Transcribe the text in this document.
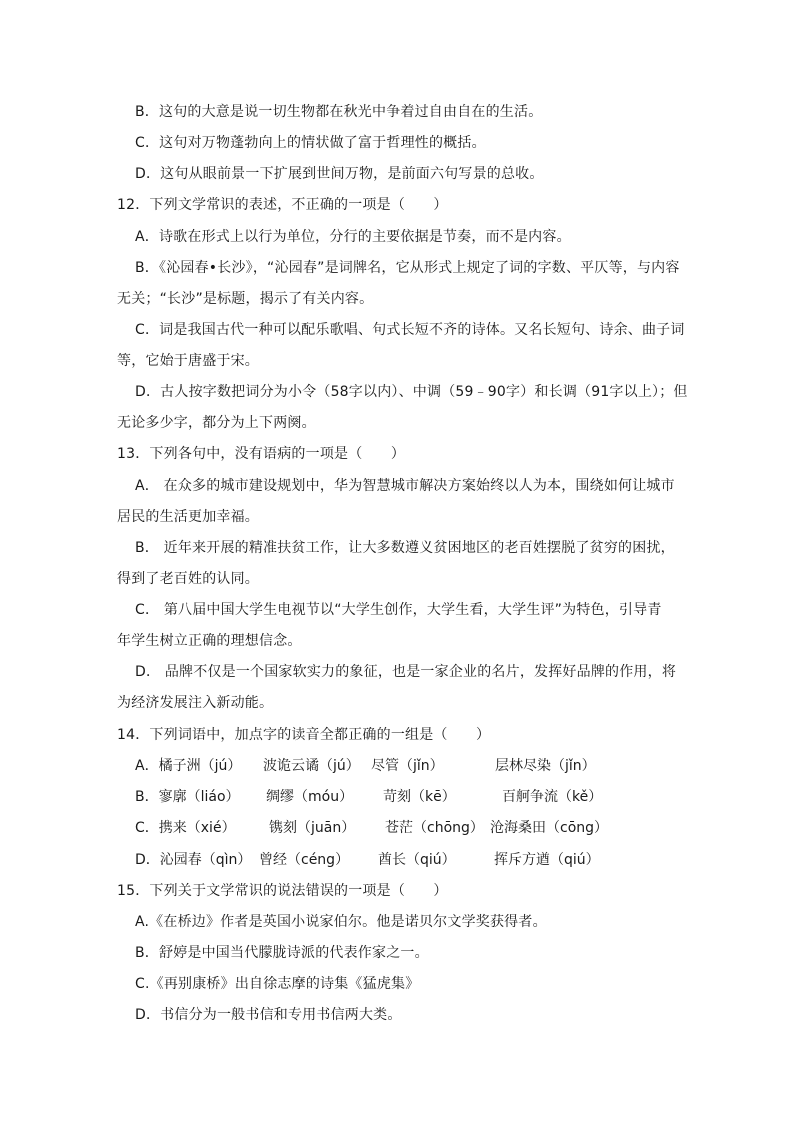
B．这句的大意是说一切生物都在秋光中争着过自由自在的生活。
C．这句对万物蓬勃向上的情状做了富于哲理性的概括。
D．这句从眼前景一下扩展到世间万物，是前面六句写景的总收。
12．下列文学常识的表述，不正确的一项是（　　）
A．诗歌在形式上以行为单位，分行的主要依据是节奏，而不是内容。
B．《沁园春•长沙》，“沁园春”是词牌名，它从形式上规定了词的字数、平仄等，与内容
无关；“长沙”是标题，揭示了有关内容。
C．词是我国古代一种可以配乐歌唱、句式长短不齐的诗体。又名长短句、诗余、曲子词
等，它始于唐盛于宋。
D．古人按字数把词分为小令（58字以内）、中调（59﹣90字）和长调（91字以上）；但
无论多少字，都分为上下两阕。
13．下列各句中，没有语病的一项是（　　）
A． 在众多的城市建设规划中，华为智慧城市解决方案始终以人为本，围绕如何让城市
居民的生活更加幸福。
B． 近年来开展的精准扶贫工作，让大多数遵义贫困地区的老百姓摆脱了贫穷的困扰，
得到了老百姓的认同。
C． 第八届中国大学生电视节以“大学生创作，大学生看，大学生评”为特色，引导青
年学生树立正确的理想信念。
D． 品牌不仅是一个国家软实力的象征，也是一家企业的名片，发挥好品牌的作用，将
为经济发展注入新动能。
14．下列词语中，加点字的读音全都正确的一组是（　　）
A．橘子洲（jú） 波诡云谲（jú） 尽管（jǐn）	层林尽染（jǐn）
B．寥廓（liáo） 绸缪（móu） 苛刻（kē）	百舸争流（kě）
C．携来（xié） 镌刻（juān） 苍茫（chōng） 沧海桑田（cōng）
D．沁园春（qìn） 曾经（céng） 酋长（qiú）	挥斥方遒（qiú）
15．下列关于文学常识的说法错误的一项是（　　）
A.《在桥边》作者是英国小说家伯尔。他是诺贝尔文学奖获得者。
B．舒婷是中国当代朦胧诗派的代表作家之一。
C.《再别康桥》出自徐志摩的诗集《猛虎集》
D．书信分为一般书信和专用书信两大类。
